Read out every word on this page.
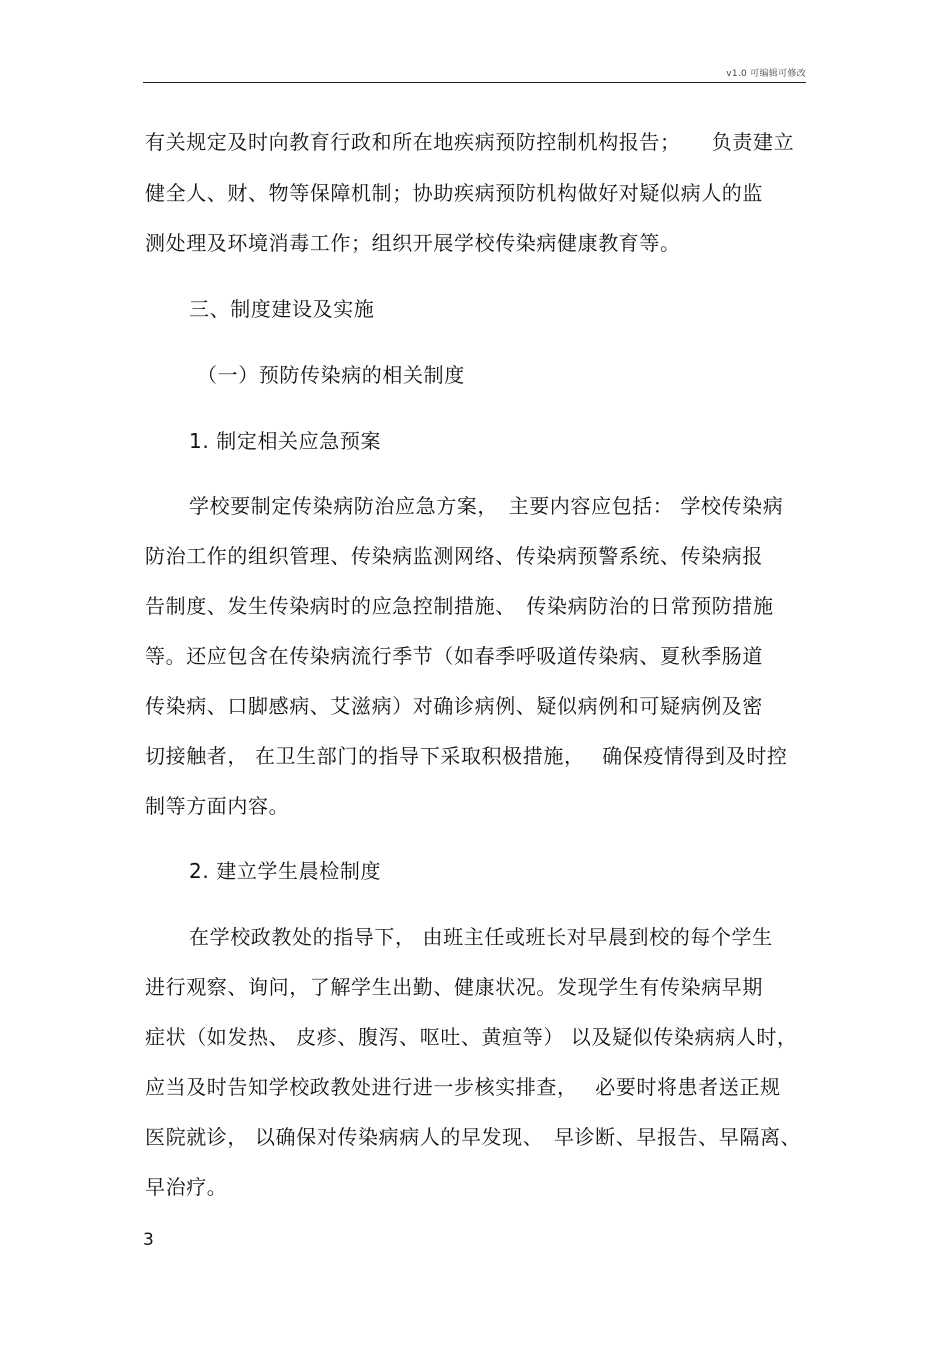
v1.0 可编辑可修改
有关规定及时向教育行政和所在地疾病预防控制机构报告；　　负责建立
健全人、财、物等保障机制；协助疾病预防机构做好对疑似病人的监
测处理及环境消毒工作；组织开展学校传染病健康教育等。
三、制度建设及实施
（一）预防传染病的相关制度
1. 制定相关应急预案
学校要制定传染病防治应急方案，　主要内容应包括： 学校传染病
防治工作的组织管理、传染病监测网络、传染病预警系统、传染病报
告制度、发生传染病时的应急控制措施、　传染病防治的日常预防措施
等。还应包含在传染病流行季节（如春季呼吸道传染病、夏秋季肠道
传染病、口脚感病、艾滋病）对确诊病例、疑似病例和可疑病例及密
切接触者， 在卫生部门的指导下采取积极措施，　 确保疫情得到及时控
制等方面内容。
2. 建立学生晨检制度
在学校政教处的指导下， 由班主任或班长对早晨到校的每个学生
进行观察、询问，了解学生出勤、健康状况。发现学生有传染病早期
症状（如发热、 皮疹、腹泻、呕吐、黄疸等） 以及疑似传染病病人时，
应当及时告知学校政教处进行进一步核实排查，　 必要时将患者送正规
医院就诊， 以确保对传染病病人的早发现、　早诊断、早报告、早隔离、
早治疗。
3
